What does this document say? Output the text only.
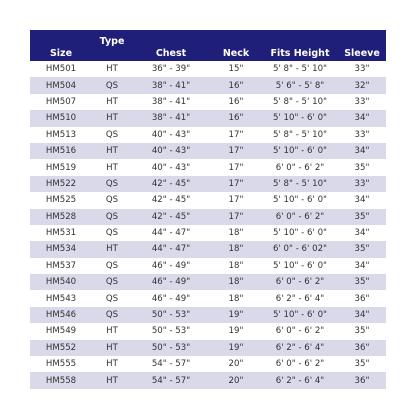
Size	Type	Chest	Neck	Fits Height	Sleeve
HM501	HT	36" - 39"	15"	5' 8" - 5' 10"	33"
HM504	QS	38" - 41"	16"	5' 6" - 5' 8"	32"
HM507	HT	38" - 41"	16"	5' 8" - 5' 10"	33"
HM510	HT	38" - 41"	16"	5' 10" - 6' 0"	34"
HM513	QS	40" - 43"	17"	5' 8" - 5' 10"	33"
HM516	HT	40" - 43"	17"	5' 10" - 6' 0"	34"
HM519	HT	40" - 43"	17"	6' 0" - 6' 2"	35"
HM522	QS	42" - 45"	17"	5' 8" - 5' 10"	33"
HM525	QS	42" - 45"	17"	5' 10" - 6' 0"	34"
HM528	QS	42" - 45"	17"	6' 0" - 6' 2"	35"
HM531	QS	44" - 47"	18"	5' 10" - 6' 0"	34"
HM534	HT	44" - 47"	18"	6' 0" - 6' 02"	35"
HM537	QS	46" - 49"	18"	5' 10" - 6' 0"	34"
HM540	QS	46" - 49"	18"	6' 0" - 6' 2"	35"
HM543	QS	46" - 49"	18"	6' 2" - 6' 4"	36"
HM546	QS	50" - 53"	19"	5' 10" - 6' 0"	34"
HM549	HT	50" - 53"	19"	6' 0" - 6' 2"	35"
HM552	HT	50" - 53"	19"	6' 2" - 6' 4"	36"
HM555	HT	54" - 57"	20"	6' 0" - 6' 2"	35"
HM558	HT	54" - 57"	20"	6' 2" - 6' 4"	36"
